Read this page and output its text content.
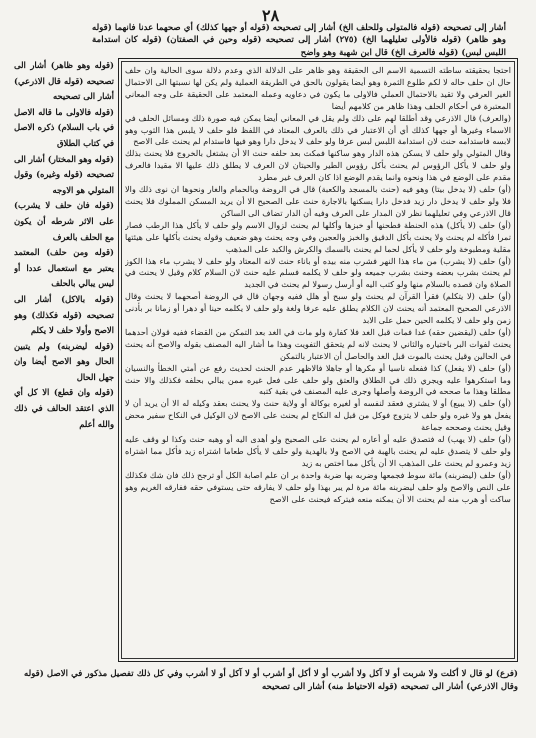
٢٨

أشار إلى تصحيحه (قوله فالمتولى وللحلف الخ) أشار إلى تصحيحه (قوله أو جهها كذلك) أي صحهما عدنا فانهما (قوله وهو ظاهر) (قوله فالأولى تعليلهما الخ) (٢٧٥) أشار إلى تصحيحه (قوله وحين في الصفتان) (قوله كان استدامة اللبس لبس) (قوله فالعرف الخ) قال ابن شهبة وهو واضح

(قوله وهو ظاهر) أشار الى تصحيحه (قوله قال الاذرعي) أشار الى تصحيحه

(قوله فالاولى ما قاله الاصل في باب السلام) ذكره الاصل في كتاب الطلاق

(قوله وهو المختار) أشار الى تصحيحه (قوله وغيره) وقول المتولي هو الاوجه

(قوله فان حلف لا يشرب) على الاثر شرطه أن يكون مع الحلف بالعرف

(قوله ومن حلف) المعتمد يعتبر مع استعمال عددا أو ليس يبالي بالحلف

(قوله بالاكل) أشار الى تصحيحه (قوله فكذلك) وهو الاصح وأولا حلف لا يكلم

(قوله ليضربنه) ولم يتبين الحال وهو الاصح أيضا وان جهل الحال

(قوله وان قطع) الا كل أي الذي اعتقد الحالف في ذلك والله أعلم

احتجا بحقيقته ساطته التسمية الاسم الى الحقيقة وهو ظاهر على الدلالة الذي وعدم دلالة سوى الحالية وان حلف حال ان حلف حاله لا لكم طلوع الثمرة وهو أيضا يقولون بالحق في الطريقة العملية ولم يكن لها نسبتها الى الاحتمال الغير العرفي ولا تقيد بالاحتمال العملي فالاولى ما يكون في دعاويه وعمله المعتمد على الحقيقة على وجه المعاني المعتبرة في أحكام الحلف وهذا ظاهر من كلامهم أيضا

(والعرف) قال الاذرعي وقد أطلقا لهم على ذلك ولم يقل في المعاني أيضا يمكن فيه صورة ذلك ومسائل الحلف في الاسماء وغيرها أو جهها كذلك أي أن الاعتبار في ذلك بالعرف المعتاد في اللفظ فلو حلف لا يلبس هذا الثوب وهو لابسه فاستدامه حنث لان استدامة اللبس لبس عرفا ولو حلف لا يدخل دارا وهو فيها فاستدام لم يحنث على الاصح

وقال المتولي ولو حلف لا يسكن هذه الدار وهو ساكنها فمكث بعد حلفه حنث الا أن يشتغل بالخروج فلا يحنث بذلك ولو حلف لا يأكل الرؤوس لم يحنث بأكل رؤوس الطير والحيتان لان العرف لا يطلق ذلك عليها الا مقيدا فالعرف مقدم على الوضع في هذا ونحوه وانما يقدم الوضع اذا كان العرف غير مطرد

(أو) حلف (لا يدخل بيتا) وهو فيه (حنث بالمسجد والكعبة) قال في الروضة وبالحمام والغار ونحوها ان نوى ذلك والا فلا ولو حلف لا يدخل دار زيد فدخل دارا يسكنها بالاجارة حنث على الصحيح الا أن يريد المسكن المملوك فلا يحنث قال الاذرعي وفي تعليلهما نظر لان المدار على العرف وفيه أن الدار تضاف الى الساكن

(أو) حلف (لا يأكل) هذه الحنطة فطحنها أو خبزها وأكلها لم يحنث لزوال الاسم ولو حلف لا يأكل هذا الرطب فصار تمرا فأكله لم يحنث ولا يحنث بأكل الدقيق والخبز والعجين وفي وجه يحنث وهو ضعيف وقوله يحنث بأكلها على هيئتها مقلية ومطبوخة ولو حلف لا يأكل لحما لم يحنث بالسمك والكرش والكبد على المذهب

(أو) حلف (لا يشرب) من ماء هذا النهر فشرب منه بيده أو باناء حنث لانه المعتاد ولو حلف لا يشرب ماء هذا الكوز لم يحنث بشرب بعضه وحنث بشرب جميعه ولو حلف لا يكلمه فسلم عليه حنث لان السلام كلام وقيل لا يحنث في الصلاة وان قصده بالسلام منها ولو كتب اليه أو أرسل رسولا لم يحنث في الجديد

(أو) حلف (لا يتكلم) فقرأ القرآن لم يحنث ولو سبح أو هلل ففيه وجهان قال في الروضة أصحهما لا يحنث وقال الاذرعي الصحيح المعتمد أنه يحنث لان الكلام يطلق عليه عرفا ولغة ولو حلف لا يكلمه حينا أو دهرا أو زمانا بر بأدنى زمن ولو حلف لا يكلمه الحين حمل على الابد

(أو) حلف (ليقضين حقه) غدا فمات قبل الغد فلا كفارة ولو مات في الغد بعد التمكن من القضاء ففيه قولان أحدهما يحنث لفوات البر باختياره والثاني لا يحنث لانه لم يتحقق التفويت وهذا ما أشار اليه المصنف بقوله والاصح أنه يحنث في الحالين وقيل يحنث بالموت قبل الغد والحاصل أن الاعتبار بالتمكن

(أو) حلف (لا يفعل) كذا ففعله ناسيا أو مكرها أو جاهلا فالاظهر عدم الحنث لحديث رفع عن أمتي الخطأ والنسيان وما استكرهوا عليه ويجري ذلك في الطلاق والعتق ولو حلف على فعل غيره ممن يبالي بحلفه فكذلك والا حنث مطلقا وهذا ما صححه في الروضة وأصلها وجرى عليه المصنف في بقية كتبه

(أو) حلف (لا يبيع) أو لا يشتري فعقد لنفسه أو لغيره بوكالة أو ولاية حنث ولا يحنث بعقد وكيله له الا أن يريد أن لا يفعل هو ولا غيره ولو حلف لا يتزوج فوكل من قبل له النكاح لم يحنث على الاصح لان الوكيل في النكاح سفير محض وقيل يحنث وصححه جماعة

(أو) حلف (لا يهب) له فتصدق عليه أو أعاره لم يحنث على الصحيح ولو أهدى اليه أو وهبه حنث وكذا لو وقف عليه ولو حلف لا يتصدق عليه لم يحنث بالهبة في الاصح ولا بالهدية ولو حلف لا يأكل طعاما اشتراه زيد فأكل مما اشتراه زيد وعمرو لم يحنث على المذهب الا أن يأكل مما اختص به زيد

(أو) حلف (ليضربنه) مائة سوط فجمعها وضربه بها ضربة واحدة بر ان علم اصابة الكل أو ترجح ذلك فان شك فكذلك على النص والاصح ولو حلف ليضربنه مائة مرة لم يبر بهذا ولو حلف لا يفارقه حتى يستوفي حقه ففارقه الغريم وهو ساكت أو هرب منه لم يحنث الا أن يمكنه منعه فيتركه فيحنث على الاصح

(فرع) لو قال لا أكلت ولا شربت أو لا آكل ولا أشرب أو لا أكل أو أشرب أو لا آكل أو لا أشرب وفي كل ذلك تفصيل مذكور في الاصل (قوله وقال الاذرعي) أشار الى تصحيحه (قوله الاحتياط منه) أشار الى تصحيحه
